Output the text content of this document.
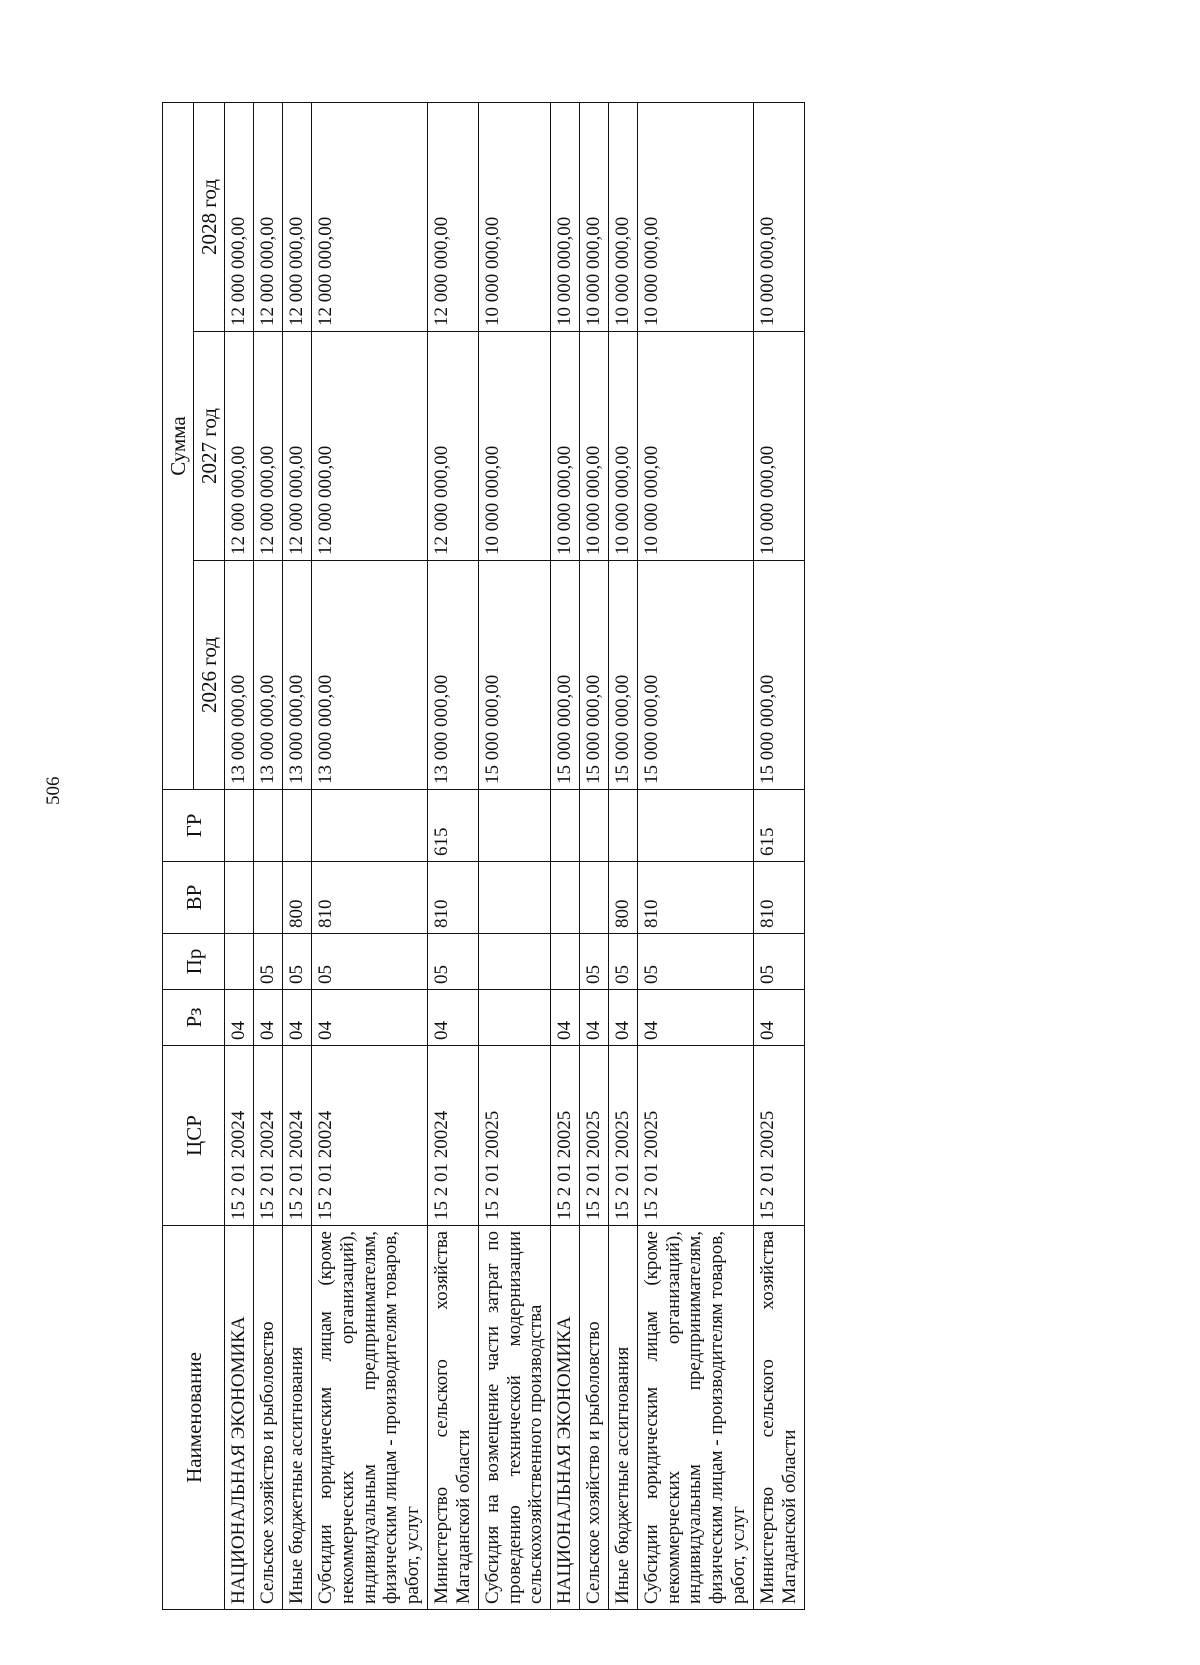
506
Наименование	ЦСР	Рз	Пр	ВР	ГР	Сумма		
						2026 год	2027 год	2028 год
НАЦИОНАЛЬНАЯ ЭКОНОМИКА	15 2 01 20024	04				13 000 000,00	12 000 000,00	12 000 000,00
Сельское хозяйство и рыболовство	15 2 01 20024	04	05			13 000 000,00	12 000 000,00	12 000 000,00
Иные бюджетные ассигнования	15 2 01 20024	04	05	800		13 000 000,00	12 000 000,00	12 000 000,00
Субсидии юридическим лицам (кроме некоммерческих организаций), индивидуальным предпринимателям, физическим лицам - производителям товаров, работ, услуг	15 2 01 20024	04	05	810		13 000 000,00	12 000 000,00	12 000 000,00
Министерство сельского хозяйства Магаданской области	15 2 01 20024	04	05	810	615	13 000 000,00	12 000 000,00	12 000 000,00
Субсидия на возмещение части затрат по проведению технической модернизации сельскохозяйственного производства	15 2 01 20025					15 000 000,00	10 000 000,00	10 000 000,00
НАЦИОНАЛЬНАЯ ЭКОНОМИКА	15 2 01 20025	04				15 000 000,00	10 000 000,00	10 000 000,00
Сельское хозяйство и рыболовство	15 2 01 20025	04	05			15 000 000,00	10 000 000,00	10 000 000,00
Иные бюджетные ассигнования	15 2 01 20025	04	05	800		15 000 000,00	10 000 000,00	10 000 000,00
Субсидии юридическим лицам (кроме некоммерческих организаций), индивидуальным предпринимателям, физическим лицам - производителям товаров, работ, услуг	15 2 01 20025	04	05	810		15 000 000,00	10 000 000,00	10 000 000,00
Министерство сельского хозяйства Магаданской области	15 2 01 20025	04	05	810	615	15 000 000,00	10 000 000,00	10 000 000,00
